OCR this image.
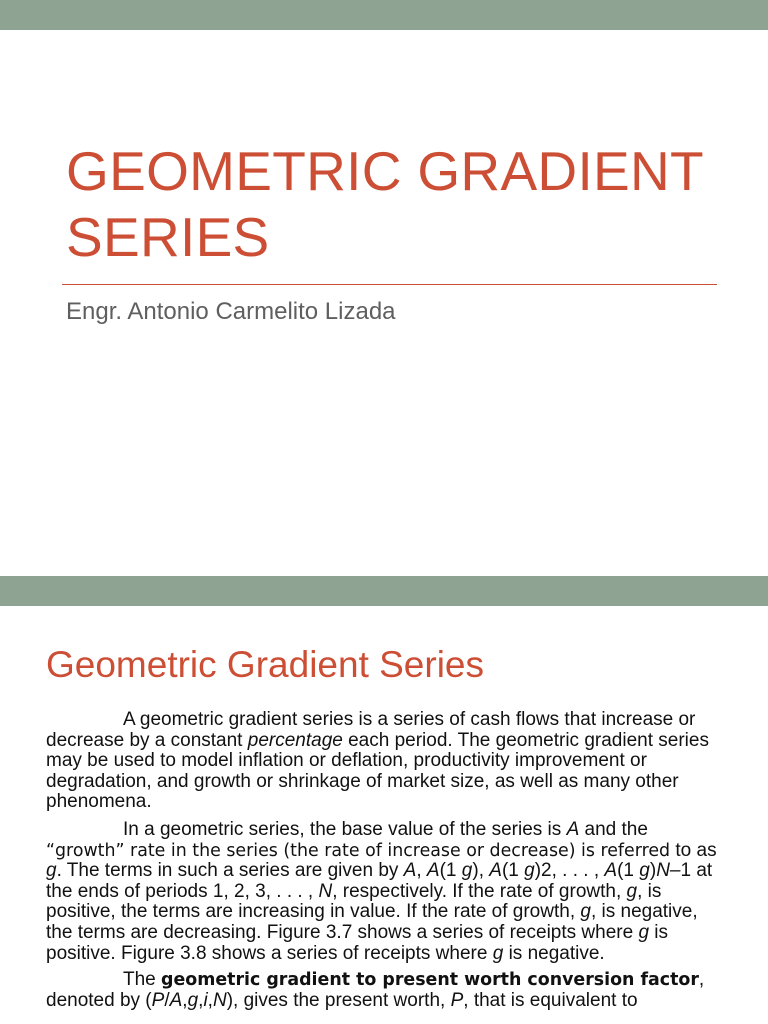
GEOMETRIC GRADIENT
SERIES
Engr. Antonio Carmelito Lizada
Geometric Gradient Series

A geometric gradient series is a series of cash flows that increase or decrease by a constant percentage each period. The geometric gradient series may be used to model inflation or deflation, productivity improvement or degradation, and growth or shrinkage of market size, as well as many other phenomena.

In a geometric series, the base value of the series is A and the “growth” rate in the series (the rate of increase or decrease) is referred to as g. The terms in such a series are given by A, A(1 g), A(1 g)2, . . . , A(1 g)N–1 at the ends of periods 1, 2, 3, . . . , N, respectively. If the rate of growth, g, is positive, the terms are increasing in value. If the rate of growth, g, is negative, the terms are decreasing. Figure 3.7 shows a series of receipts where g is positive. Figure 3.8 shows a series of receipts where g is negative.

The geometric gradient to present worth conversion factor, denoted by (P/A,g,i,N), gives the present worth, P, that is equivalent to
